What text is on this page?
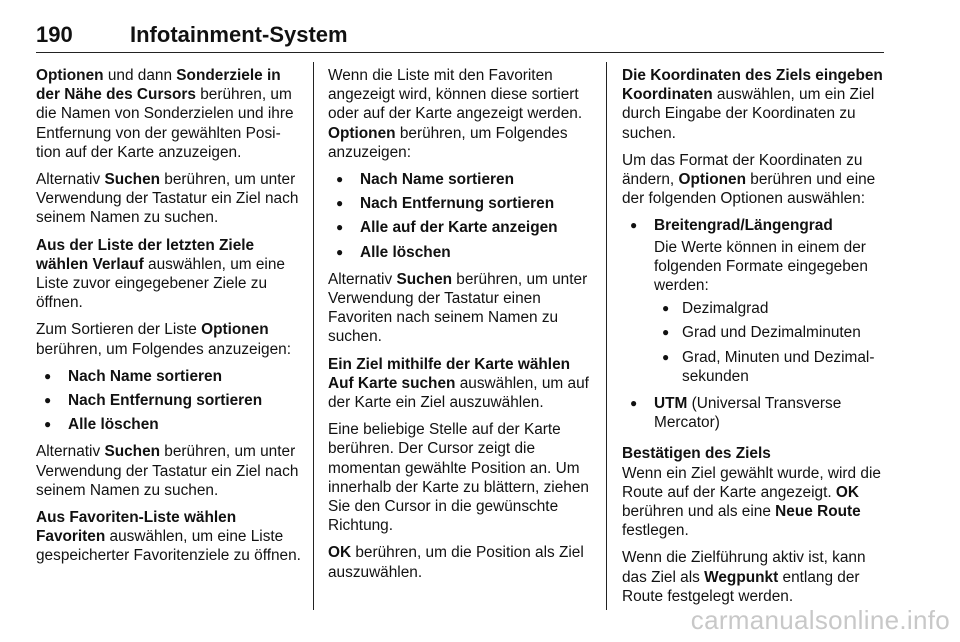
190	Infotainment-System

Optionen und dann Sonderziele in der Nähe des Cursors berühren, um die Namen von Sonderzielen und ihre Entfernung von der gewählten Posi-tion auf der Karte anzuzeigen.

Alternativ Suchen berühren, um unter Verwendung der Tastatur ein Ziel nach seinem Namen zu suchen.

Aus der Liste der letzten Ziele wählen Verlauf auswählen, um eine Liste zuvor eingegebener Ziele zu öffnen.

Zum Sortieren der Liste Optionen berühren, um Folgendes anzuzeigen:

● Nach Name sortieren
● Nach Entfernung sortieren
● Alle löschen

Alternativ Suchen berühren, um unter Verwendung der Tastatur ein Ziel nach seinem Namen zu suchen.

Aus Favoriten-Liste wählen Favoriten auswählen, um eine Liste gespeicherter Favoritenziele zu öffnen.

Wenn die Liste mit den Favoriten angezeigt wird, können diese sortiert oder auf der Karte angezeigt werden. Optionen berühren, um Folgendes anzuzeigen:

● Nach Name sortieren
● Nach Entfernung sortieren
● Alle auf der Karte anzeigen
● Alle löschen

Alternativ Suchen berühren, um unter Verwendung der Tastatur einen Favoriten nach seinem Namen zu suchen.

Ein Ziel mithilfe der Karte wählen Auf Karte suchen auswählen, um auf der Karte ein Ziel auszuwählen.

Eine beliebige Stelle auf der Karte berühren. Der Cursor zeigt die momentan gewählte Position an. Um innerhalb der Karte zu blättern, ziehen Sie den Cursor in die gewünschte Richtung.

OK berühren, um die Position als Ziel auszuwählen.

Die Koordinaten des Ziels eingeben Koordinaten auswählen, um ein Ziel durch Eingabe der Koordinaten zu suchen.

Um das Format der Koordinaten zu ändern, Optionen berühren und eine der folgenden Optionen auswählen:

● Breitengrad/Längengrad
Die Werte können in einem der folgenden Formate eingegeben werden:
● Dezimalgrad
● Grad und Dezimalminuten
● Grad, Minuten und Dezimal-sekunden
● UTM (Universal Transverse Mercator)

Bestätigen des Ziels

Wenn ein Ziel gewählt wurde, wird die Route auf der Karte angezeigt. OK berühren und als eine Neue Route festlegen.

Wenn die Zielführung aktiv ist, kann das Ziel als Wegpunkt entlang der Route festgelegt werden.

carmanualsonline.info
